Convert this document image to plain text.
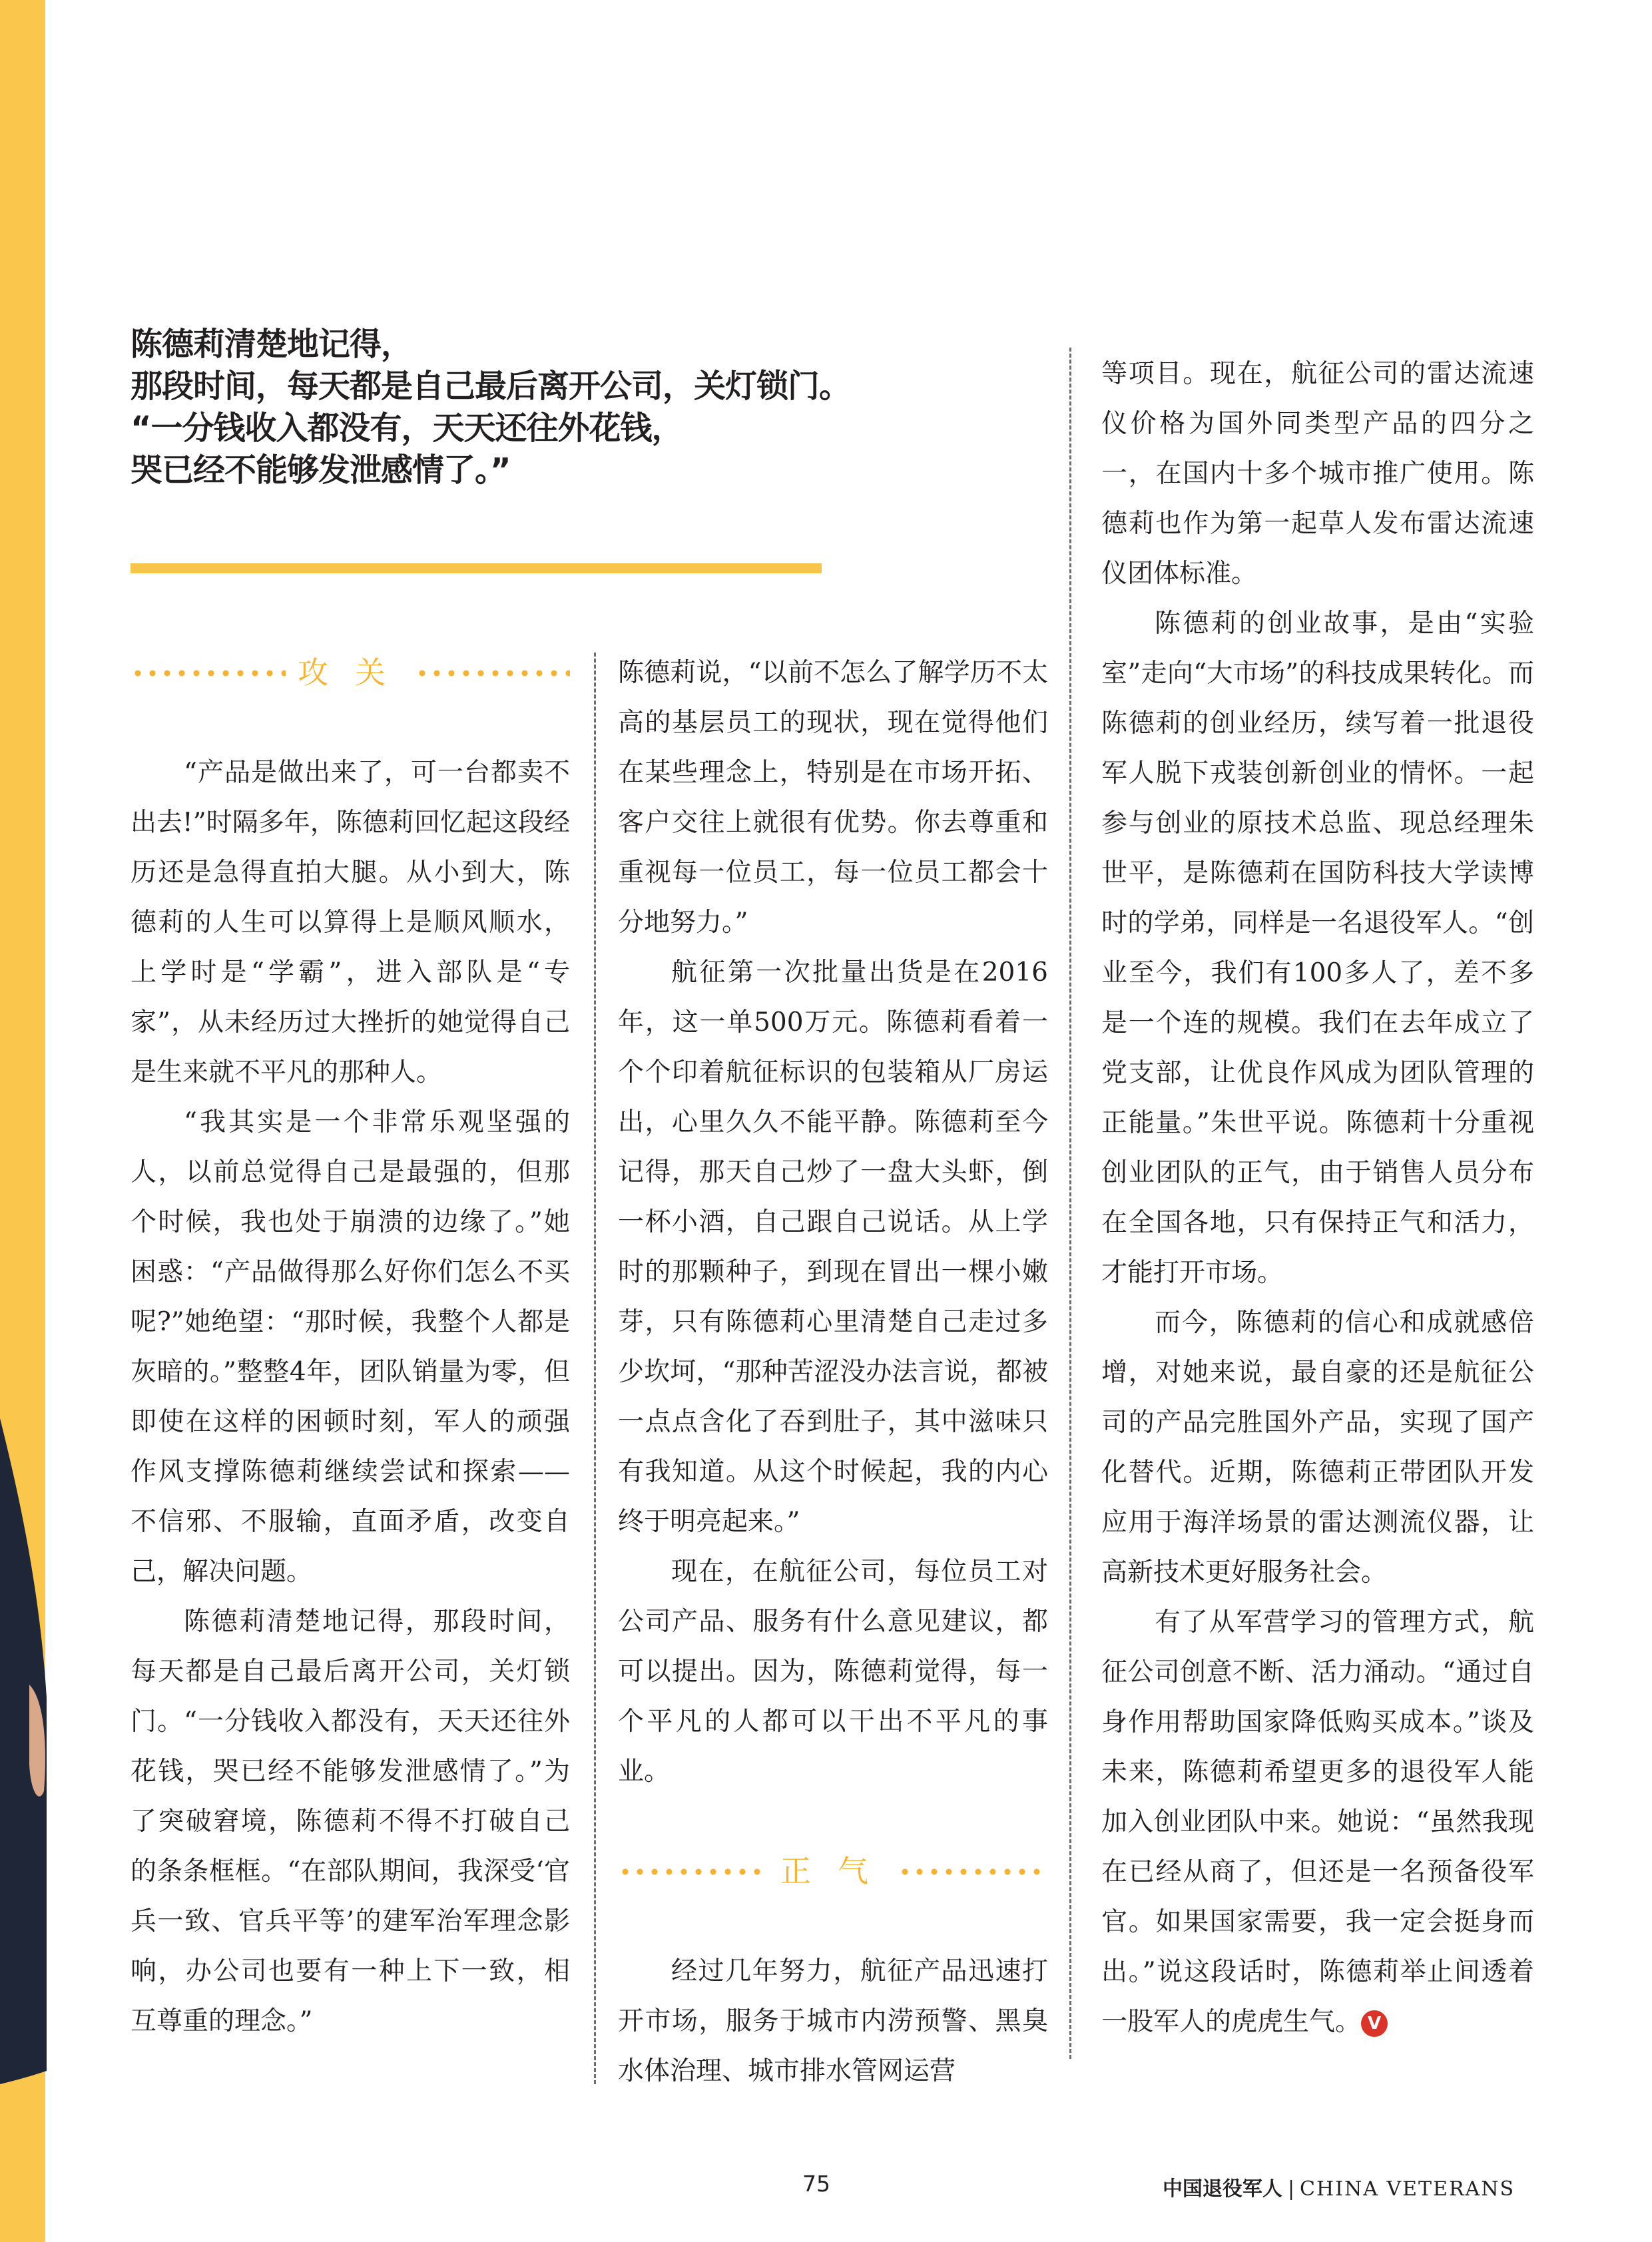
陈德莉清楚地记得，
那段时间，每天都是自己最后离开公司，关灯锁门。
“一分钱收入都没有，天天还往外花钱，
哭已经不能够发泄感情了。”
攻关

“产品是做出来了，可一台都卖不出去!”时隔多年，陈德莉回忆起这段经历还是急得直拍大腿。从小到大，陈德莉的人生可以算得上是顺风顺水，上学时是“学霸”，进入部队是“专家”，从未经历过大挫折的她觉得自己是生来就不平凡的那种人。

“我其实是一个非常乐观坚强的人，以前总觉得自己是最强的，但那个时候，我也处于崩溃的边缘了。”她困惑：“产品做得那么好你们怎么不买呢?”她绝望：“那时候，我整个人都是灰暗的。”整整4年，团队销量为零，但即使在这样的困顿时刻，军人的顽强作风支撑陈德莉继续尝试和探索——不信邪、不服输，直面矛盾，改变自己，解决问题。

陈德莉清楚地记得，那段时间，每天都是自己最后离开公司，关灯锁门。“一分钱收入都没有，天天还往外花钱，哭已经不能够发泄感情了。”为了突破窘境，陈德莉不得不打破自己的条条框框。“在部队期间，我深受‘官兵一致、官兵平等’的建军治军理念影响，办公司也要有一种上下一致，相互尊重的理念。”

陈德莉说，“以前不怎么了解学历不太高的基层员工的现状，现在觉得他们在某些理念上，特别是在市场开拓、客户交往上就很有优势。你去尊重和重视每一位员工，每一位员工都会十分地努力。”

航征第一次批量出货是在2016年，这一单500万元。陈德莉看着一个个印着航征标识的包装箱从厂房运出，心里久久不能平静。陈德莉至今记得，那天自己炒了一盘大头虾，倒一杯小酒，自己跟自己说话。从上学时的那颗种子，到现在冒出一棵小嫩芽，只有陈德莉心里清楚自己走过多少坎坷，“那种苦涩没办法言说，都被一点点含化了吞到肚子，其中滋味只有我知道。从这个时候起，我的内心终于明亮起来。”

现在，在航征公司，每位员工对公司产品、服务有什么意见建议，都可以提出。因为，陈德莉觉得，每一个平凡的人都可以干出不平凡的事业。

正气

经过几年努力，航征产品迅速打开市场，服务于城市内涝预警、黑臭水体治理、城市排水管网运营

等项目。现在，航征公司的雷达流速仪价格为国外同类型产品的四分之一，在国内十多个城市推广使用。陈德莉也作为第一起草人发布雷达流速仪团体标准。

陈德莉的创业故事，是由“实验室”走向“大市场”的科技成果转化。而陈德莉的创业经历，续写着一批退役军人脱下戎装创新创业的情怀。一起参与创业的原技术总监、现总经理朱世平，是陈德莉在国防科技大学读博时的学弟，同样是一名退役军人。“创业至今，我们有100多人了，差不多是一个连的规模。我们在去年成立了党支部，让优良作风成为团队管理的正能量。”朱世平说。陈德莉十分重视创业团队的正气，由于销售人员分布在全国各地，只有保持正气和活力，才能打开市场。

而今，陈德莉的信心和成就感倍增，对她来说，最自豪的还是航征公司的产品完胜国外产品，实现了国产化替代。近期，陈德莉正带团队开发应用于海洋场景的雷达测流仪器，让高新技术更好服务社会。

有了从军营学习的管理方式，航征公司创意不断、活力涌动。“通过自身作用帮助国家降低购买成本。”谈及未来，陈德莉希望更多的退役军人能加入创业团队中来。她说：“虽然我现在已经从商了，但还是一名预备役军官。如果国家需要，我一定会挺身而出。”说这段话时，陈德莉举止间透着一股军人的虎虎生气。 V

75	中国退役军人 | CHINA VETERANS
